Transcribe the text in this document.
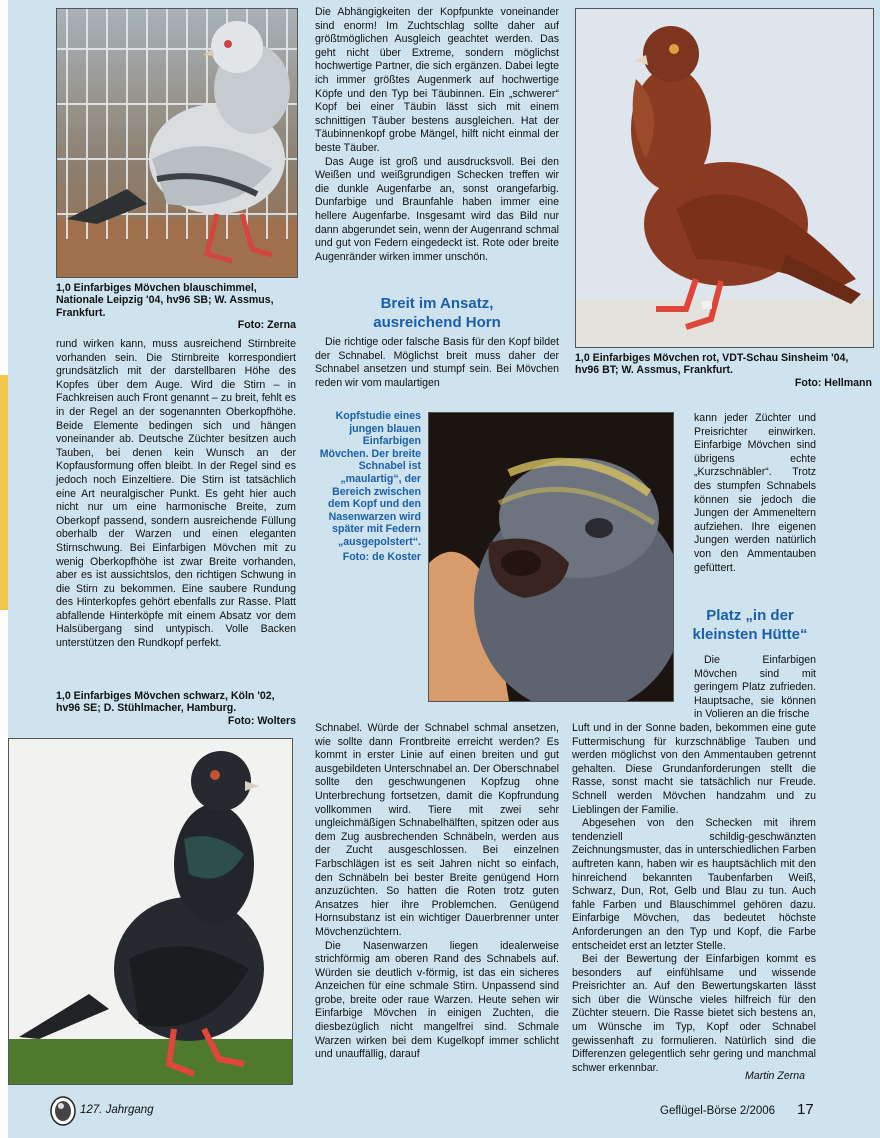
1,0 Einfarbiges Mövchen blauschimmel, Nationale Leipzig '04, hv96 SB; W. Assmus, Frankfurt.
Foto: Zerna

rund wirken kann, muss ausreichend Stirnbreite vorhanden sein. Die Stirnbreite korrespondiert grundsätzlich mit der darstellbaren Höhe des Kopfes über dem Auge. Wird die Stirn – in Fachkreisen auch Front genannt – zu breit, fehlt es in der Regel an der sogenannten Oberkopfhöhe. Beide Elemente bedingen sich und hängen voneinander ab. Deutsche Züchter besitzen auch Tauben, bei denen kein Wunsch an der Kopfausformung offen bleibt. In der Regel sind es jedoch noch Einzeltiere. Die Stirn ist tatsächlich eine Art neuralgischer Punkt. Es geht hier auch nicht nur um eine harmonische Breite, zum Oberkopf passend, sondern ausreichende Füllung oberhalb der Warzen und einen eleganten Stirnschwung. Bei Einfarbigen Mövchen mit zu wenig Oberkopfhöhe ist zwar Breite vorhanden, aber es ist aussichtslos, den richtigen Schwung in die Stirn zu bekommen. Eine saubere Rundung des Hinterkopfes gehört ebenfalls zur Rasse. Platt abfallende Hinterköpfe mit einem Absatz vor dem Halsübergang sind untypisch. Volle Backen unterstützen den Rundkopf perfekt.

1,0 Einfarbiges Mövchen schwarz, Köln '02, hv96 SE; D. Stühlmacher, Hamburg.
Foto: Wolters

Die Abhängigkeiten der Kopfpunkte voneinander sind enorm! Im Zuchtschlag sollte daher auf größtmöglichen Ausgleich geachtet werden. Das geht nicht über Extreme, sondern möglichst hochwertige Partner, die sich ergänzen. Dabei legte ich immer größtes Augenmerk auf hochwertige Köpfe und den Typ bei Täubinnen. Ein „schwerer“ Kopf bei einer Täubin lässt sich mit einem schnittigen Täuber bestens ausgleichen. Hat der Täubinnenkopf grobe Mängel, hilft nicht einmal der beste Täuber.

Das Auge ist groß und ausdrucksvoll. Bei den Weißen und weißgrundigen Schecken treffen wir die dunkle Augenfarbe an, sonst orangefarbig. Dunfarbige und Braunfahle haben immer eine hellere Augenfarbe. Insgesamt wird das Bild nur dann abgerundet sein, wenn der Augenrand schmal und gut von Federn eingedeckt ist. Rote oder breite Augenränder wirken immer unschön.

Breit im Ansatz,
ausreichend Horn

Die richtige oder falsche Basis für den Kopf bildet der Schnabel. Möglichst breit muss daher der Schnabel ansetzen und stumpf sein. Bei Mövchen reden wir vom maulartigen

1,0 Einfarbiges Mövchen rot, VDT-Schau Sinsheim '04, hv96 BT; W. Assmus, Frankfurt.
Foto: Hellmann
Kopfstudie eines jungen blauen Einfarbigen Mövchen. Der breite Schnabel ist „maulartig“, der Bereich zwischen dem Kopf und den Nasenwarzen wird später mit Federn „ausgepolstert“.
Foto: de Koster

kann jeder Züchter und Preisrichter einwirken. Einfarbige Mövchen sind übrigens echte „Kurzschnäbler“. Trotz des stumpfen Schnabels können sie jedoch die Jungen der Ammeneltern aufziehen. Ihre eigenen Jungen werden natürlich von den Ammentauben gefüttert.

Platz „in der
kleinsten Hütte“

Die Einfarbigen Mövchen sind mit geringem Platz zufrieden. Hauptsache, sie können in Volieren an die frische

Schnabel. Würde der Schnabel schmal ansetzen, wie sollte dann Frontbreite erreicht werden? Es kommt in erster Linie auf einen breiten und gut ausgebildeten Unterschnabel an. Der Oberschnabel sollte den geschwungenen Kopfzug ohne Unterbrechung fortsetzen, damit die Kopfrundung vollkommen wird. Tiere mit zwei sehr ungleichmäßigen Schnabelhälften, spitzen oder aus dem Zug ausbrechenden Schnäbeln, werden aus der Zucht ausgeschlossen. Bei einzelnen Farbschlägen ist es seit Jahren nicht so einfach, den Schnäbeln bei bester Breite genügend Horn anzuzüchten. So hatten die Roten trotz guten Ansatzes hier ihre Problemchen. Genügend Hornsubstanz ist ein wichtiger Dauerbrenner unter Mövchenzüchtern.

Die Nasenwarzen liegen idealerweise strichförmig am oberen Rand des Schnabels auf. Würden sie deutlich v-förmig, ist das ein sicheres Anzeichen für eine schmale Stirn. Unpassend sind grobe, breite oder raue Warzen. Heute sehen wir Einfarbige Mövchen in einigen Zuchten, die diesbezüglich nicht mangelfrei sind. Schmale Warzen wirken bei dem Kugelkopf immer schlicht und unauffällig, darauf

Luft und in der Sonne baden, bekommen eine gute Futtermischung für kurzschnäblige Tauben und werden möglichst von den Ammentauben getrennt gehalten. Diese Grundanforderungen stellt die Rasse, sonst macht sie tatsächlich nur Freude. Schnell werden Mövchen handzahm und zu Lieblingen der Familie.

Abgesehen von den Schecken mit ihrem tendenziell schildig-geschwänzten Zeichnungsmuster, das in unterschiedlichen Farben auftreten kann, haben wir es hauptsächlich mit den hinreichend bekannten Taubenfarben Weiß, Schwarz, Dun, Rot, Gelb und Blau zu tun. Auch fahle Farben und Blauschimmel gehören dazu. Einfarbige Mövchen, das bedeutet höchste Anforderungen an den Typ und Kopf, die Farbe entscheidet erst an letzter Stelle.

Bei der Bewertung der Einfarbigen kommt es besonders auf einfühlsame und wissende Preisrichter an. Auf den Bewertungskarten lässt sich über die Wünsche vieles hilfreich für den Züchter steuern. Die Rasse bietet sich bestens an, um Wünsche im Typ, Kopf oder Schnabel gewissenhaft zu formulieren. Natürlich sind die Differenzen gelegentlich sehr gering und manchmal schwer erkennbar.

Martin Zerna
127. Jahrgang	Geflügel-Börse 2/2006 17
